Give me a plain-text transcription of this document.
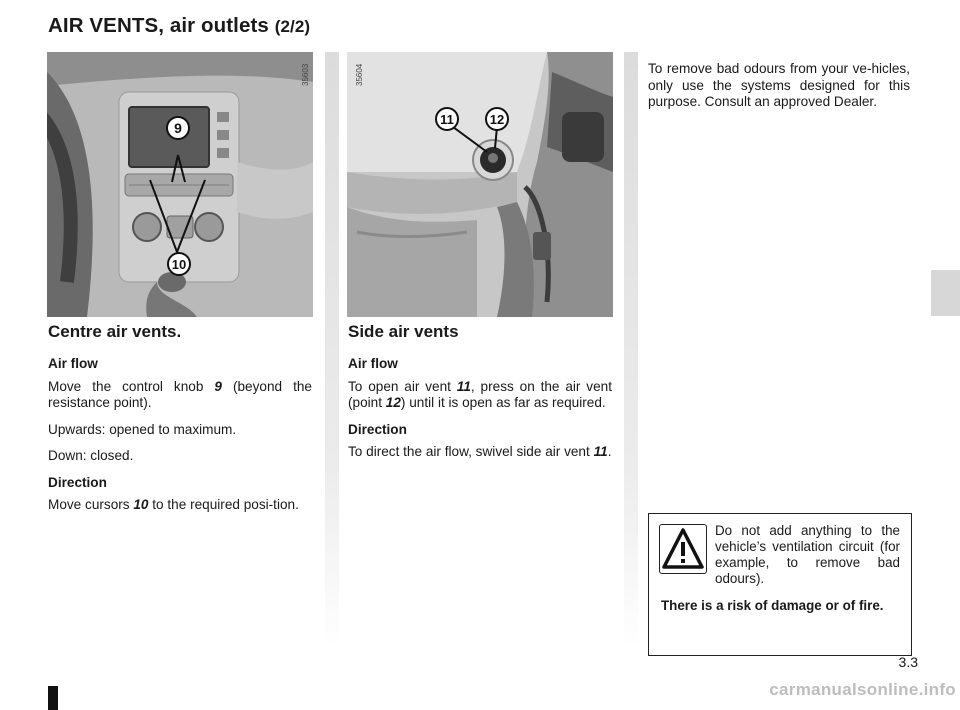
AIR VENTS, air outlets (2/2)
9
10
35603
11	12
35604
Centre air vents.

Air flow

Move the control knob 9 (beyond the resistance point).

Upwards: opened to maximum.

Down: closed.

Direction

Move cursors 10 to the required posi-tion.

Side air vents

Air flow

To open air vent 11, press on the air vent (point 12) until it is open as far as required.

Direction

To direct the air flow, swivel side air vent 11.

To remove bad odours from your ve-hicles, only use the systems designed for this purpose. Consult an approved Dealer.
Do not add anything to the vehicle’s ventilation circuit (for example, to remove bad odours).
There is a risk of damage or of fire.
3.3
carmanualsonline.info
